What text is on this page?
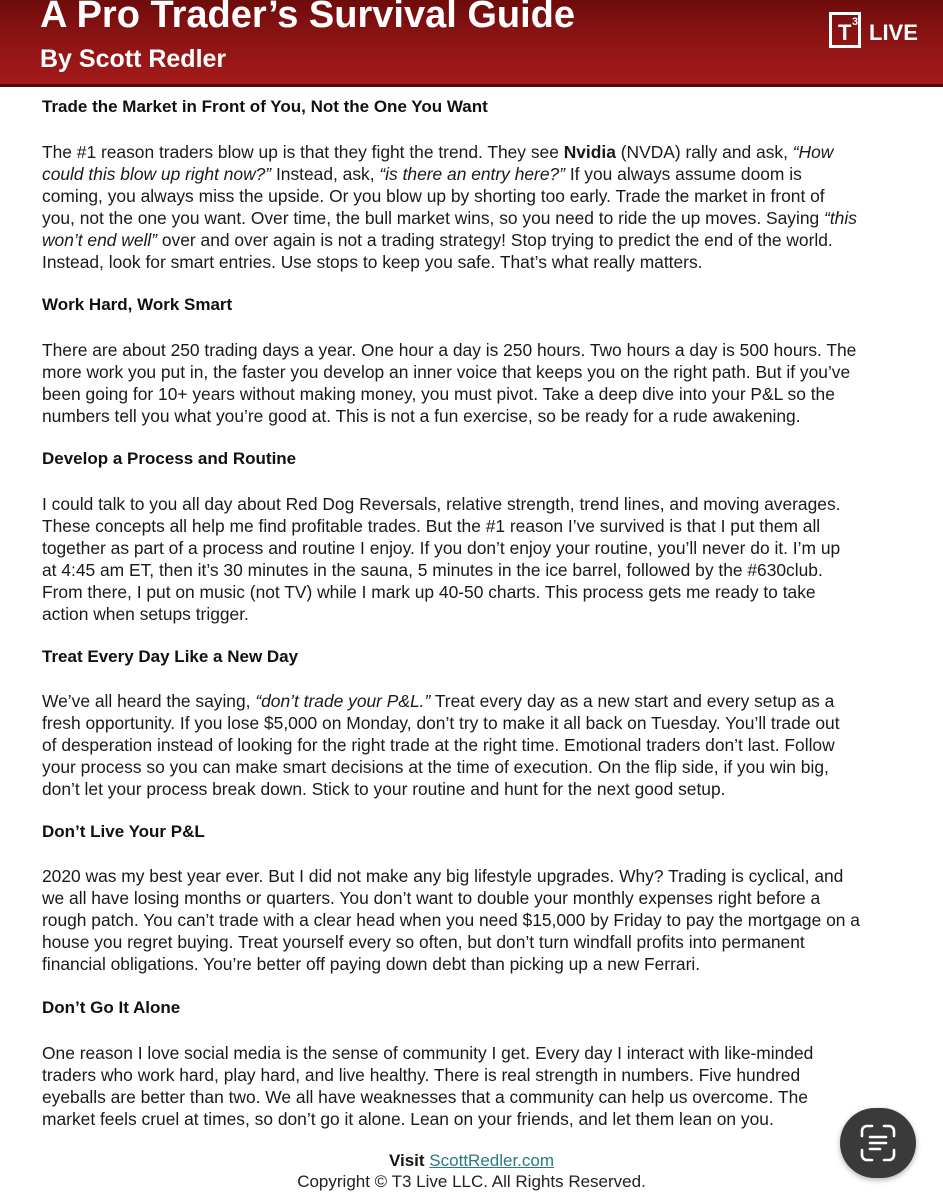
A Pro Trader’s Survival Guide
By Scott Redler
T 3 LIVE
Trade the Market in Front of You, Not the One You Want
The #1 reason traders blow up is that they fight the trend. They see Nvidia (NVDA) rally and ask, “How
could this blow up right now?” Instead, ask, “is there an entry here?” If you always assume doom is
coming, you always miss the upside. Or you blow up by shorting too early. Trade the market in front of
you, not the one you want. Over time, the bull market wins, so you need to ride the up moves. Saying “this
won’t end well” over and over again is not a trading strategy! Stop trying to predict the end of the world.
Instead, look for smart entries. Use stops to keep you safe. That’s what really matters.
Work Hard, Work Smart
There are about 250 trading days a year. One hour a day is 250 hours. Two hours a day is 500 hours. The
more work you put in, the faster you develop an inner voice that keeps you on the right path. But if you’ve
been going for 10+ years without making money, you must pivot. Take a deep dive into your P&L so the
numbers tell you what you’re good at. This is not a fun exercise, so be ready for a rude awakening.
Develop a Process and Routine
I could talk to you all day about Red Dog Reversals, relative strength, trend lines, and moving averages.
These concepts all help me find profitable trades. But the #1 reason I’ve survived is that I put them all
together as part of a process and routine I enjoy. If you don’t enjoy your routine, you’ll never do it. I’m up
at 4:45 am ET, then it’s 30 minutes in the sauna, 5 minutes in the ice barrel, followed by the #630club.
From there, I put on music (not TV) while I mark up 40-50 charts. This process gets me ready to take
action when setups trigger.
Treat Every Day Like a New Day
We’ve all heard the saying, “don’t trade your P&L.” Treat every day as a new start and every setup as a
fresh opportunity. If you lose $5,000 on Monday, don’t try to make it all back on Tuesday. You’ll trade out
of desperation instead of looking for the right trade at the right time. Emotional traders don’t last. Follow
your process so you can make smart decisions at the time of execution. On the flip side, if you win big,
don’t let your process break down. Stick to your routine and hunt for the next good setup.
Don’t Live Your P&L
2020 was my best year ever. But I did not make any big lifestyle upgrades. Why? Trading is cyclical, and
we all have losing months or quarters. You don’t want to double your monthly expenses right before a
rough patch. You can’t trade with a clear head when you need $15,000 by Friday to pay the mortgage on a
house you regret buying. Treat yourself every so often, but don’t turn windfall profits into permanent
financial obligations. You’re better off paying down debt than picking up a new Ferrari.
Don’t Go It Alone
One reason I love social media is the sense of community I get. Every day I interact with like-minded
traders who work hard, play hard, and live healthy. There is real strength in numbers. Five hundred
eyeballs are better than two. We all have weaknesses that a community can help us overcome. The
market feels cruel at times, so don’t go it alone. Lean on your friends, and let them lean on you.
Visit ScottRedler.com
Copyright © T3 Live LLC. All Rights Reserved.
